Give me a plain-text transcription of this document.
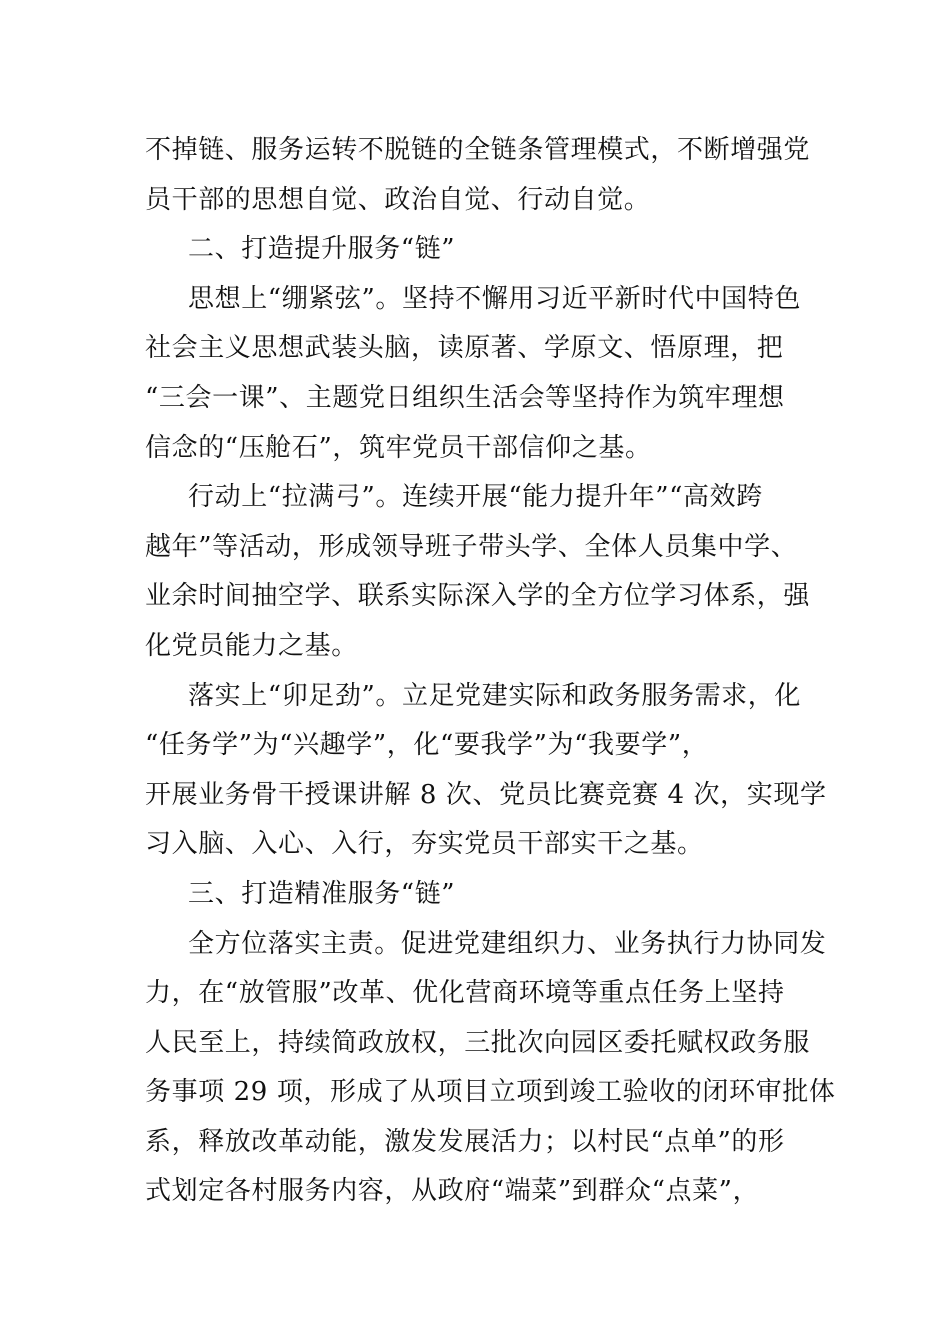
不掉链、服务运转不脱链的全链条管理模式，不断增强党
员干部的思想自觉、政治自觉、行动自觉。
二、打造提升服务“链”
思想上“绷紧弦”。坚持不懈用习近平新时代中国特色
社会主义思想武装头脑，读原著、学原文、悟原理，把
“三会一课”、主题党日组织生活会等坚持作为筑牢理想
信念的“压舱石”，筑牢党员干部信仰之基。
行动上“拉满弓”。连续开展“能力提升年”“高效跨
越年”等活动，形成领导班子带头学、全体人员集中学、
业余时间抽空学、联系实际深入学的全方位学习体系，强
化党员能力之基。
落实上“卯足劲”。立足党建实际和政务服务需求，化
“任务学”为“兴趣学”，化“要我学”为“我要学”，
开展业务骨干授课讲解 8 次、党员比赛竞赛 4 次，实现学
习入脑、入心、入行，夯实党员干部实干之基。
三、打造精准服务“链”
全方位落实主责。促进党建组织力、业务执行力协同发
力，在“放管服”改革、优化营商环境等重点任务上坚持
人民至上，持续简政放权，三批次向园区委托赋权政务服
务事项 29 项，形成了从项目立项到竣工验收的闭环审批体
系，释放改革动能，激发发展活力；以村民“点单”的形
式划定各村服务内容，从政府“端菜”到群众“点菜”，
